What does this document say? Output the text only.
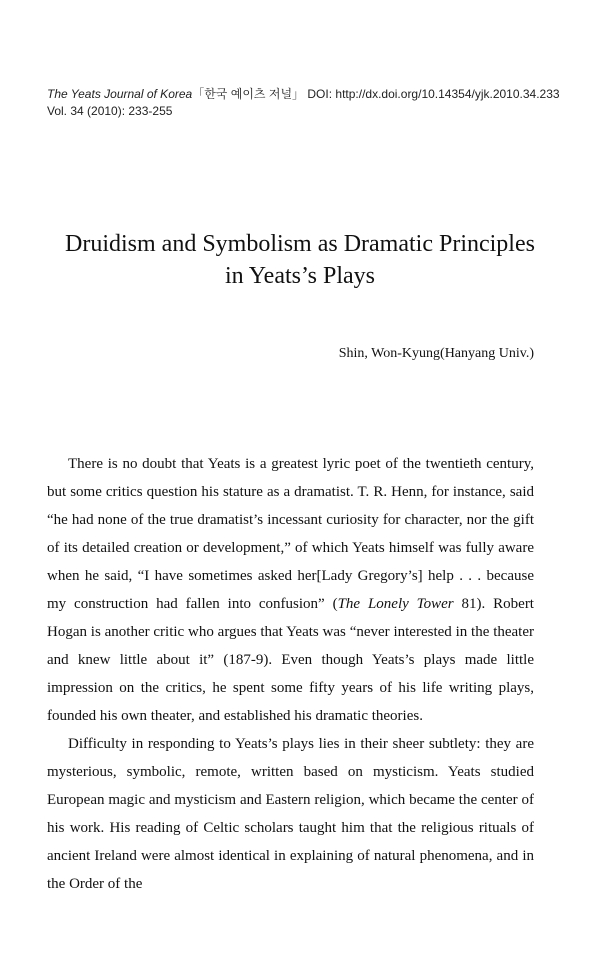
The Yeats Journal of Korea「한국 예이츠 저널」 DOI: http://dx.doi.org/10.14354/yjk.2010.34.233
Vol. 34 (2010): 233-255
Druidism and Symbolism as Dramatic Principles
in Yeats’s Plays
Shin, Won-Kyung(Hanyang Univ.)

There is no doubt that Yeats is a greatest lyric poet of the twentieth century, but some critics question his stature as a dramatist. T. R. Henn, for instance, said “he had none of the true dramatist’s incessant curiosity for character, nor the gift of its detailed creation or development,” of which Yeats himself was fully aware when he said, “I have sometimes asked her[Lady Gregory’s] help . . . because my construction had fallen into confusion” (The Lonely Tower 81). Robert Hogan is another critic who argues that Yeats was “never interested in the theater and knew little about it” (187-9). Even though Yeats’s plays made little impression on the critics, he spent some fifty years of his life writing plays, founded his own theater, and established his dramatic theories.

Difficulty in responding to Yeats’s plays lies in their sheer subtlety: they are mysterious, symbolic, remote, written based on mysticism. Yeats studied European magic and mysticism and Eastern religion, which became the center of his work. His reading of Celtic scholars taught him that the religious rituals of ancient Ireland were almost identical in explaining of natural phenomena, and in the Order of the
